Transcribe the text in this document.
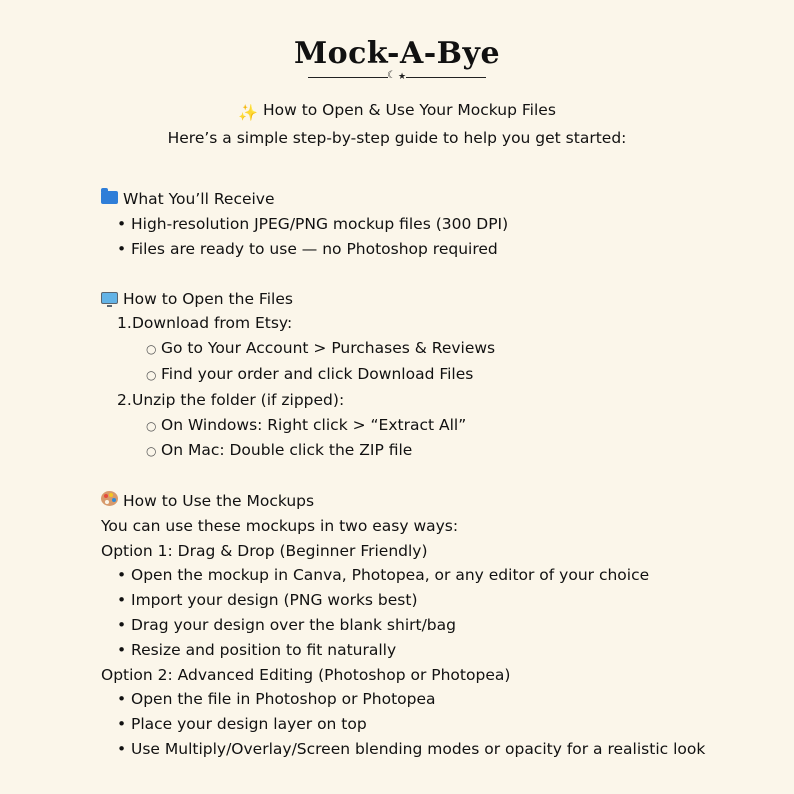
Mock-A-Bye
☾ ★
✨ How to Open & Use Your Mockup Files
Here’s a simple step-by-step guide to help you get started:
What You’ll Receive
• High-resolution JPEG/PNG mockup files (300 DPI)
• Files are ready to use — no Photoshop required
How to Open the Files
1. Download from Etsy:
○ Go to Your Account > Purchases & Reviews
○ Find your order and click Download Files
2. Unzip the folder (if zipped):
○ On Windows: Right click > “Extract All”
○ On Mac: Double click the ZIP file
How to Use the Mockups
You can use these mockups in two easy ways:
Option 1: Drag & Drop (Beginner Friendly)
• Open the mockup in Canva, Photopea, or any editor of your choice
• Import your design (PNG works best)
• Drag your design over the blank shirt/bag
• Resize and position to fit naturally
Option 2: Advanced Editing (Photoshop or Photopea)
• Open the file in Photoshop or Photopea
• Place your design layer on top
• Use Multiply/Overlay/Screen blending modes or opacity for a realistic look
